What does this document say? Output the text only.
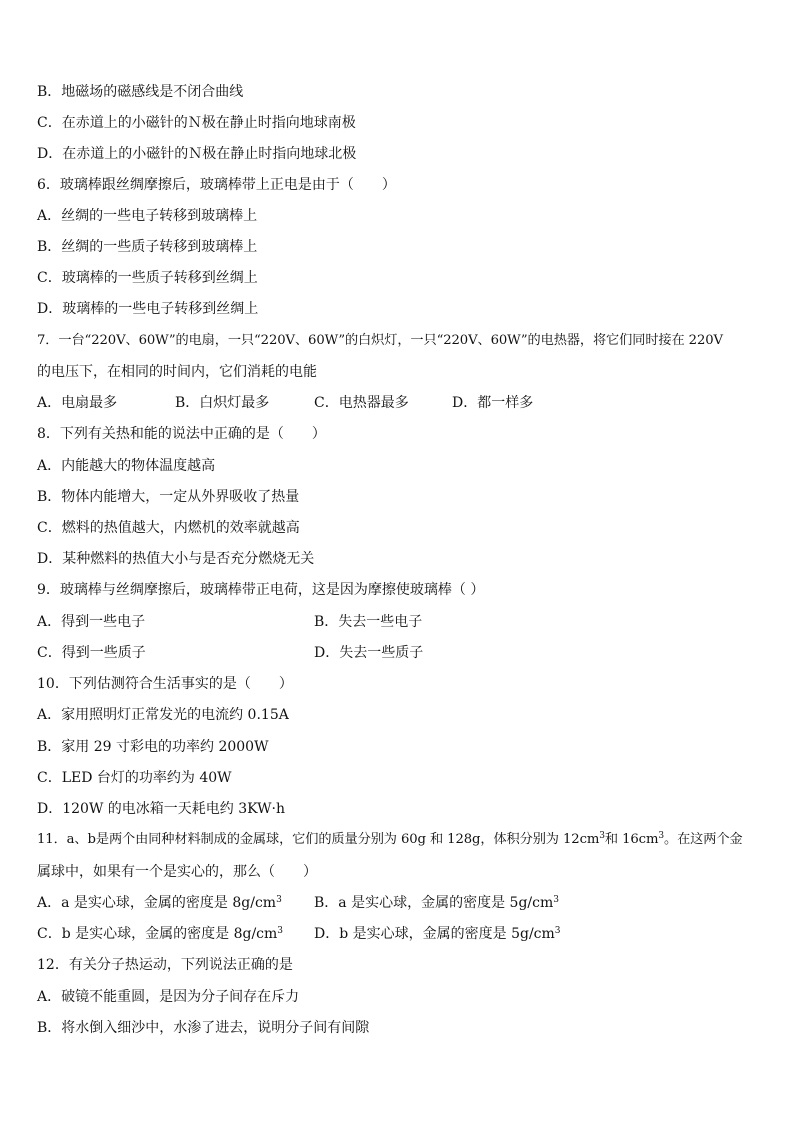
B．地磁场的磁感线是不闭合曲线
C．在赤道上的小磁针的Ｎ极在静止时指向地球南极
D．在赤道上的小磁针的Ｎ极在静止时指向地球北极
6．玻璃棒跟丝绸摩擦后，玻璃棒带上正电是由于（　　）
A．丝绸的一些电子转移到玻璃棒上
B．丝绸的一些质子转移到玻璃棒上
C．玻璃棒的一些质子转移到丝绸上
D．玻璃棒的一些电子转移到丝绸上
7．一台“220V、60W”的电扇，一只“220V、60W”的白炽灯，一只“220V、60W”的电热器，将它们同时接在 220V
的电压下，在相同的时间内，它们消耗的电能
A．电扇最多	B．白炽灯最多	C．电热器最多	D．都一样多
8．下列有关热和能的说法中正确的是（　　）
A．内能越大的物体温度越高
B．物体内能增大，一定从外界吸收了热量
C．燃料的热值越大，内燃机的效率就越高
D．某种燃料的热值大小与是否充分燃烧无关
9．玻璃棒与丝绸摩擦后，玻璃棒带正电荷，这是因为摩擦使玻璃棒（ ）
A．得到一些电子	B．失去一些电子
C．得到一些质子	D．失去一些质子
10．下列估测符合生活事实的是（　　）
A．家用照明灯正常发光的电流约 0.15A
B．家用 29 寸彩电的功率约 2000W
C．LED 台灯的功率约为 40W
D．120W 的电冰箱一天耗电约 3KW·h
11．a、b是两个由同种材料制成的金属球，它们的质量分别为 60g 和 128g，体积分别为 $12cm^3$和 $16cm^3$。在这两个金
属球中，如果有一个是实心的，那么（　　）
A．a 是实心球，金属的密度是 $8g/cm^3$ B．a 是实心球，金属的密度是 $5g/cm^3$
C．b 是实心球，金属的密度是 $8g/cm^3$ D．b 是实心球，金属的密度是 $5g/cm^3$
12．有关分子热运动，下列说法正确的是
A．破镜不能重圆，是因为分子间存在斥力
B．将水倒入细沙中，水渗了进去，说明分子间有间隙
